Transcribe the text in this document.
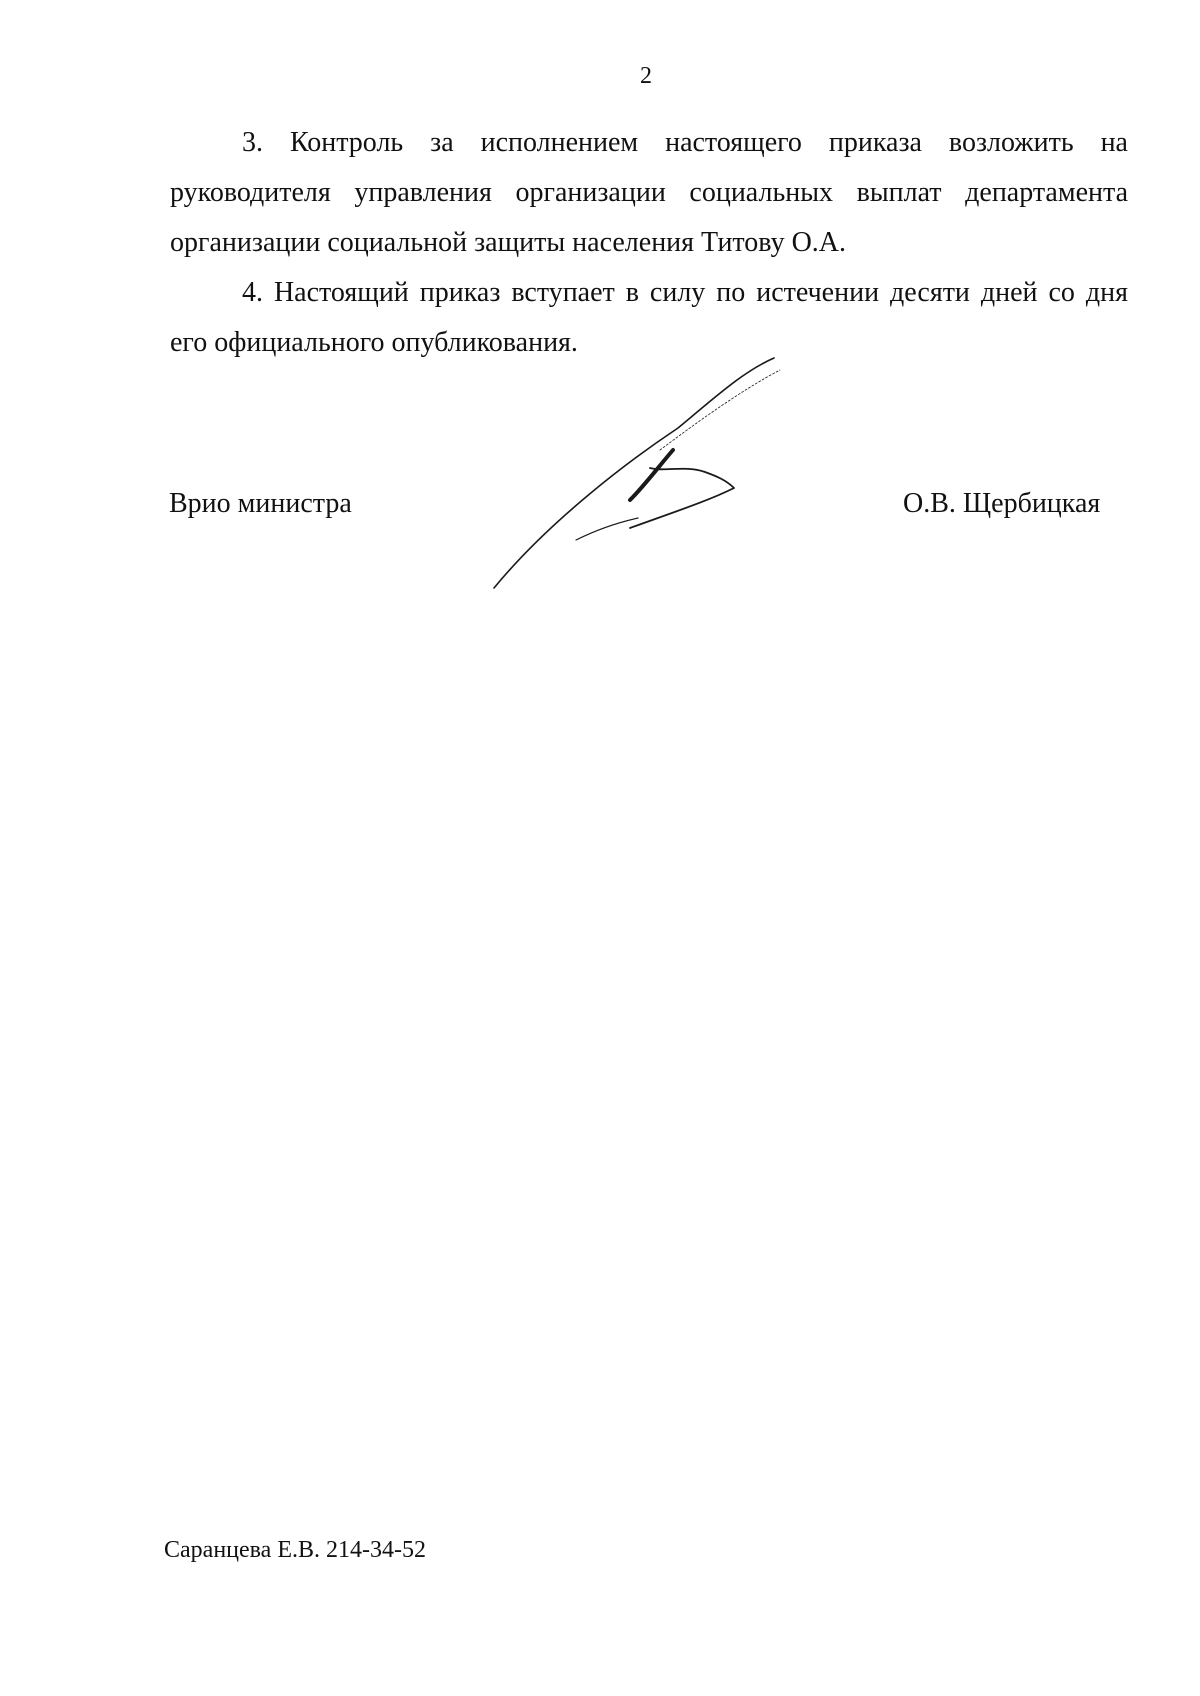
2

3. Контроль за исполнением настоящего приказа возложить на руководителя управления организации социальных выплат департамента организации социальной защиты населения Титову О.А.

4. Настоящий приказ вступает в силу по истечении десяти дней со дня его официального опубликования.

Врио министра	О.В. Щербицкая
Саранцева Е.В. 214-34-52
